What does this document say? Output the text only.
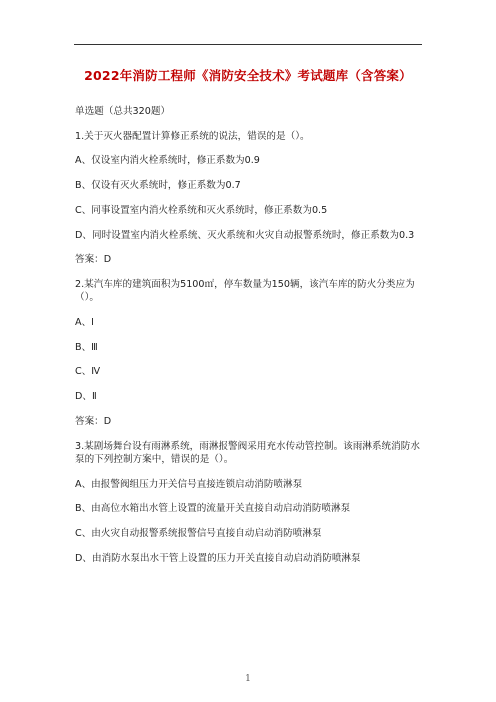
2022年消防工程师《消防安全技术》考试题库（含答案）

单选题（总共320题）

1.关于灭火器配置计算修正系统的说法，错误的是（）。

A、仅设室内消火栓系统时，修正系数为0.9

B、仅设有灭火系统时，修正系数为0.7

C、同事设置室内消火栓系统和灭火系统时，修正系数为0.5

D、同时设置室内消火栓系统、灭火系统和火灾自动报警系统时，修正系数为0.3

答案：D

2.某汽车库的建筑面积为5100㎡，停车数量为150辆，该汽车库的防火分类应为（）。

A、Ⅰ

B、Ⅲ

C、Ⅳ

D、Ⅱ

答案：D

3.某剧场舞台设有雨淋系统，雨淋报警阀采用充水传动管控制。该雨淋系统消防水泵的下列控制方案中，错误的是（）。

A、由报警阀组压力开关信号直接连锁启动消防喷淋泵

B、由高位水箱出水管上设置的流量开关直接自动启动消防喷淋泵

C、由火灾自动报警系统报警信号直接自动启动消防喷淋泵

D、由消防水泵出水干管上设置的压力开关直接自动启动消防喷淋泵

1
